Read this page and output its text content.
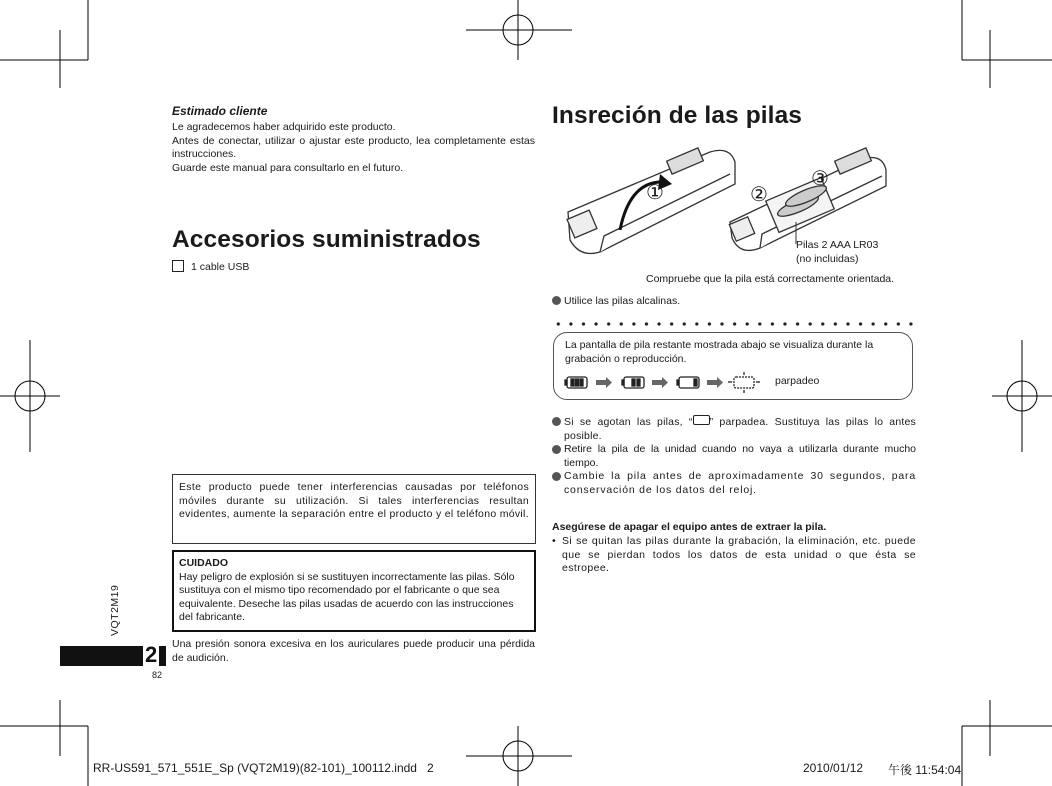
Estimado cliente
Le agradecemos haber adquirido este producto.
Antes de conectar, utilizar o ajustar este producto, lea completamente estas instrucciones.
Guarde este manual para consultarlo en el futuro.
Accesorios suministrados
1 cable USB
Este producto puede tener interferencias causadas por teléfonos móviles durante su utilización. Si tales interferencias resultan evidentes, aumente la separación entre el producto y el teléfono móvil.
CUIDADO
Hay peligro de explosión si se sustituyen incorrectamente las pilas. Sólo sustituya con el mismo tipo recomendado por el fabricante o que sea equivalente. Deseche las pilas usadas de acuerdo con las instrucciones del fabricante.
Una presión sonora excesiva en los auriculares puede producir una pérdida de audición.
2
82
VQT2M19
Insreción de las pilas
①	②
③
Pilas 2 AAA LR03
(no incluidas)
Compruebe que la pila está correctamente orientada.
Utilice las pilas alcalinas.
La pantalla de pila restante mostrada abajo se visualiza durante la grabación o reproducción.
parpadeo
Si se agotan las pilas, “ ” parpadea. Sustituya las pilas lo antes posible.
Retire la pila de la unidad cuando no vaya a utilizarla durante mucho tiempo.
Cambie la pila antes de aproximadamente 30 segundos, para conservación de los datos del reloj.
Asegúrese de apagar el equipo antes de extraer la pila.
• Si se quitan las pilas durante la grabación, la eliminación, etc. puede que se pierdan todos los datos de esta unidad o que ésta se estropee.
RR-US591_571_551E_Sp (VQT2M19)(82-101)_100112.indd   2	2010/01/12 午後 11:54:04
